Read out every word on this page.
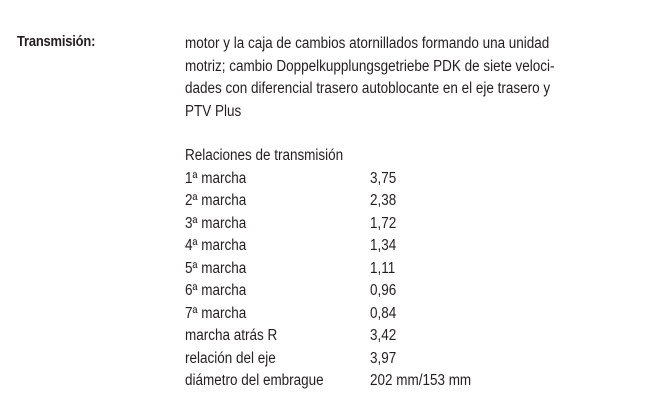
Transmisión:	motor y la caja de cambios atornillados formando una unidad
motriz; cambio Doppelkupplungsgetriebe PDK de siete veloci-
dades con diferencial trasero autoblocante en el eje trasero y
PTV Plus
Relaciones de transmisión
1ª marcha	3,75
2ª marcha	2,38
3ª marcha	1,72
4ª marcha	1,34
5ª marcha	1,11
6ª marcha	0,96
7ª marcha	0,84
marcha atrás R	3,42
relación del eje	3,97
diámetro del embrague	202 mm/153 mm
